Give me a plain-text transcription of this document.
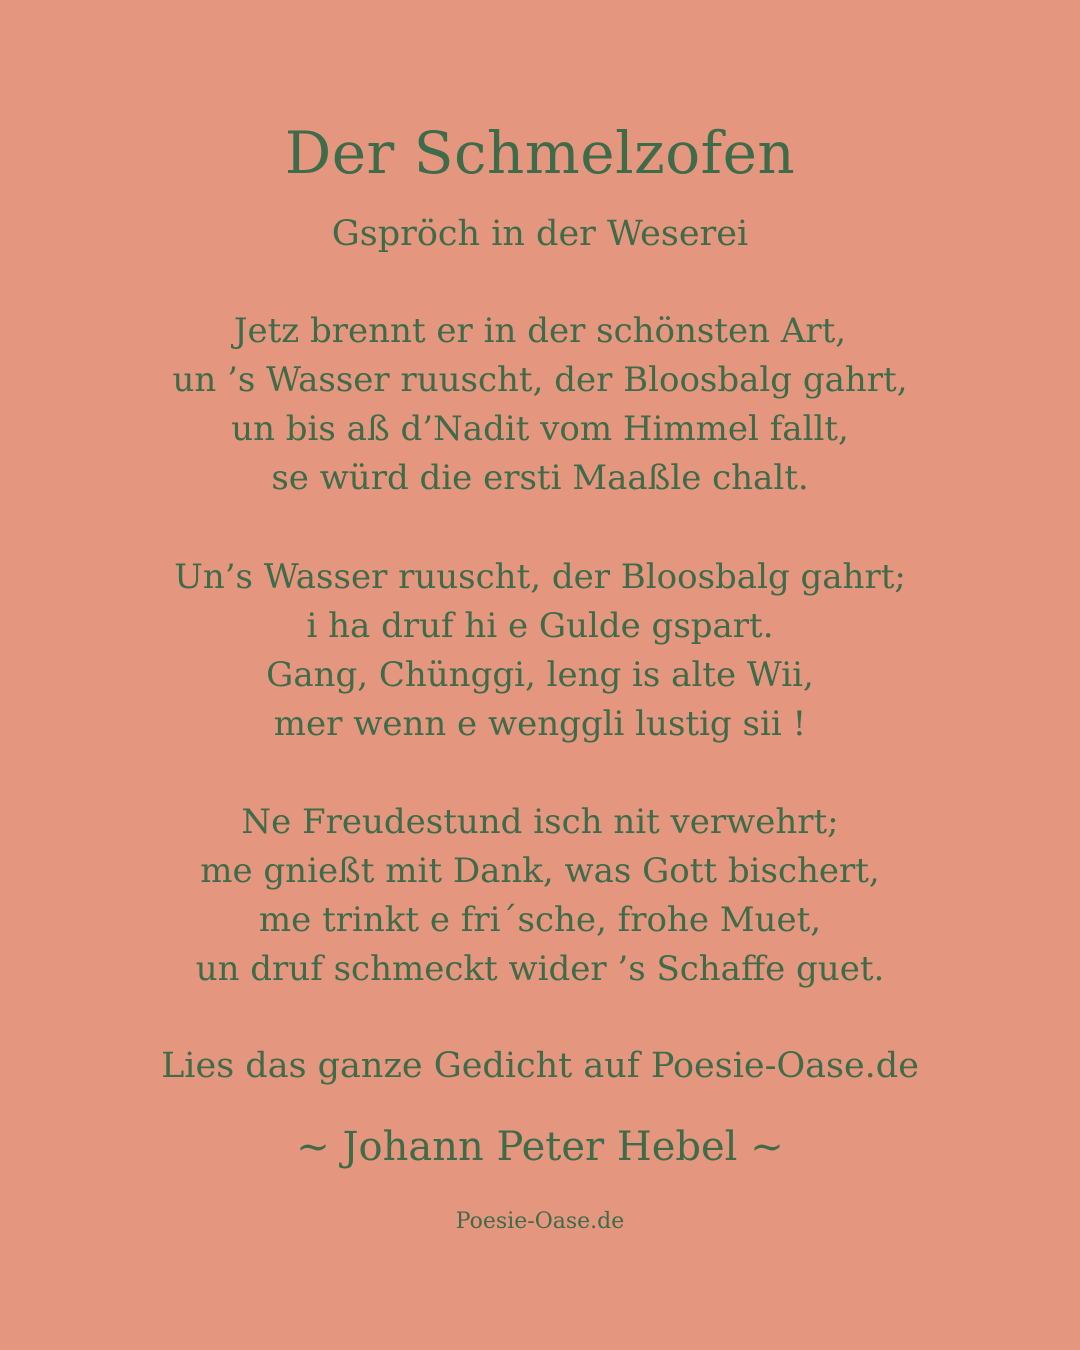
Der Schmelzofen

Gspröch in der Weserei

Jetz brennt er in der schönsten Art,
un ’s Wasser ruuscht, der Bloosbalg gahrt,
un bis aß d’Nadit vom Himmel fallt,
se würd die ersti Maaßle chalt.
Un’s Wasser ruuscht, der Bloosbalg gahrt;
i ha druf hi e Gulde gspart.
Gang, Chünggi, leng is alte Wii,
mer wenn e wenggli lustig sii !
Ne Freudestund isch nit verwehrt;
me gnießt mit Dank, was Gott bischert,
me trinkt e fri´sche, frohe Muet,
un druf schmeckt wider ’s Schaffe guet.

Lies das ganze Gedicht auf Poesie-Oase.de

~ Johann Peter Hebel ~

Poesie-Oase.de
